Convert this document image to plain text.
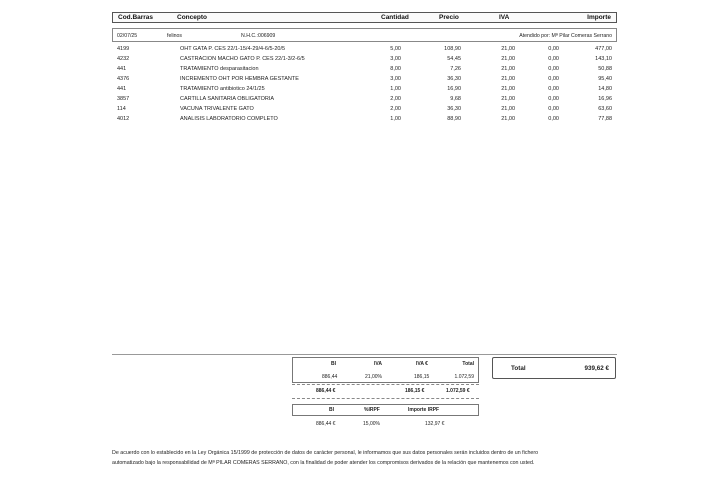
Cod.Barras	Concepto	Cantidad	Precio	IVA	Importe
02/07/25	felinos	N.H.C.:006909	Atendido por: Mª Pilar Comeras Serrano
4199	OHT GATA P. CES 22/1-15/4-29/4-6/5-20/5	5,00	108,90	21,00	0,00	477,00
4232	CASTRACION MACHO GATO P. CES 22/1-3/2-6/5	3,00	54,45	21,00	0,00	143,10
441	TRATAMIENTO desparasitacion	8,00	7,26	21,00	0,00	50,88
4376	INCREMENTO OHT POR HEMBRA GESTANTE	3,00	36,30	21,00	0,00	95,40
441	TRATAMIENTO antibiotico 24/1/25	1,00	16,90	21,00	0,00	14,80
3857	CARTILLA SANITARIA OBLIGATORIA	2,00	9,68	21,00	0,00	16,96
114	VACUNA TRIVALENTE GATO	2,00	36,30	21,00	0,00	63,60
4012	ANALISIS LABORATORIO COMPLETO	1,00	88,90	21,00	0,00	77,88
BI	IVA	IVA €	Total
886,44	21,00%	186,15	1.072,59
886,44 €	186,15 €	1.072,59 €
BI	%IRPF	Importe IRPF
886,44 €	15,00%	132,97 €
Total	939,62 €
De acuerdo con lo establecido en la Ley Orgánica 15/1999 de protección de datos de carácter personal, le informamos que sus datos personales serán incluidos dentro de un fichero
automatizado bajo la responsabilidad de Mª PILAR COMERAS SERRANO, con la finalidad de poder atender los compromisos derivados de la relación que mantenemos con usted.
